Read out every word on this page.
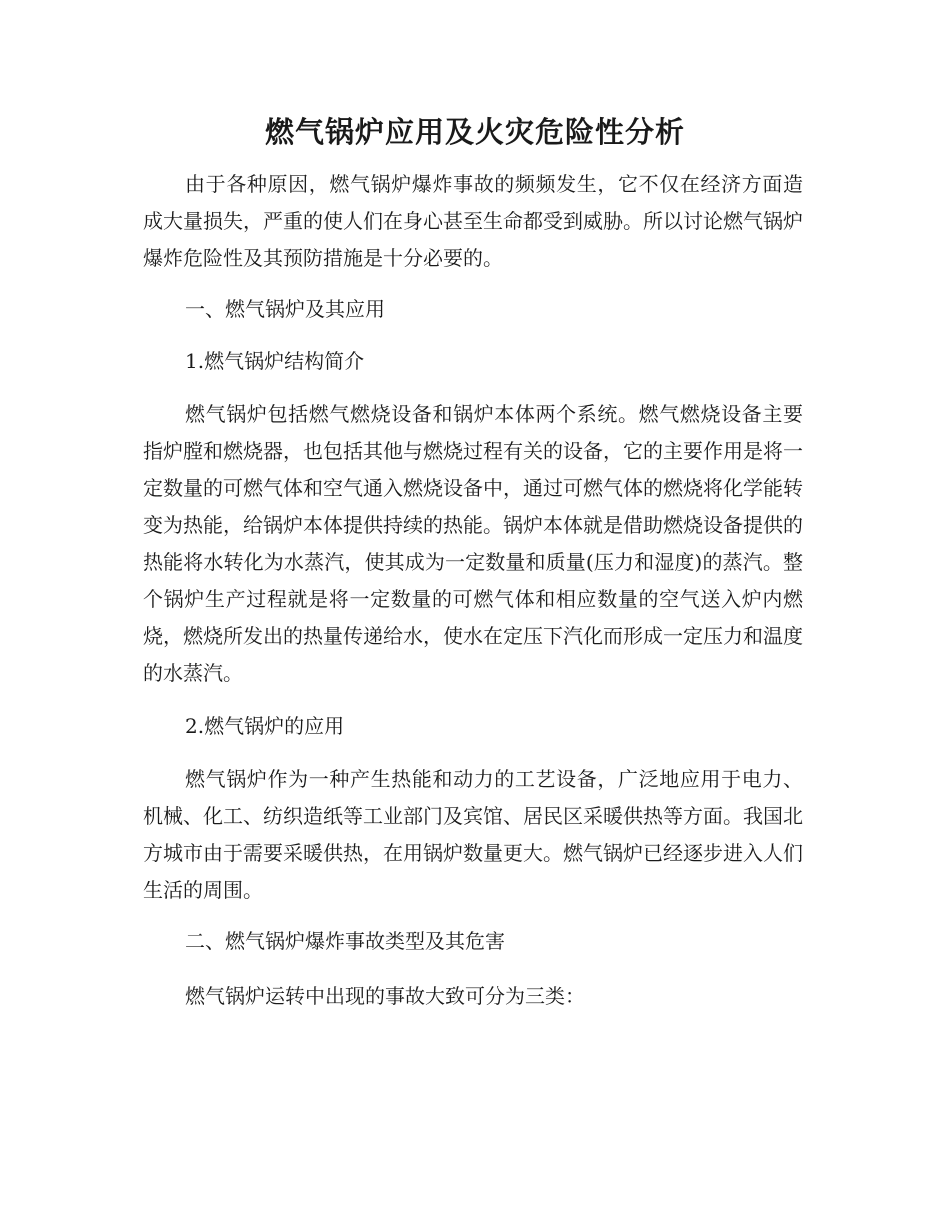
燃气锅炉应用及火灾危险性分析

由于各种原因，燃气锅炉爆炸事故的频频发生，它不仅在经济方面造成大量损失，严重的使人们在身心甚至生命都受到威胁。所以讨论燃气锅炉爆炸危险性及其预防措施是十分必要的。

一、燃气锅炉及其应用

1.燃气锅炉结构简介

燃气锅炉包括燃气燃烧设备和锅炉本体两个系统。燃气燃烧设备主要指炉膛和燃烧器，也包括其他与燃烧过程有关的设备，它的主要作用是将一定数量的可燃气体和空气通入燃烧设备中，通过可燃气体的燃烧将化学能转变为热能，给锅炉本体提供持续的热能。锅炉本体就是借助燃烧设备提供的热能将水转化为水蒸汽，使其成为一定数量和质量(压力和湿度)的蒸汽。整个锅炉生产过程就是将一定数量的可燃气体和相应数量的空气送入炉内燃烧，燃烧所发出的热量传递给水，使水在定压下汽化而形成一定压力和温度的水蒸汽。

2.燃气锅炉的应用

燃气锅炉作为一种产生热能和动力的工艺设备，广泛地应用于电力、机械、化工、纺织造纸等工业部门及宾馆、居民区采暖供热等方面。我国北方城市由于需要采暖供热，在用锅炉数量更大。燃气锅炉已经逐步进入人们生活的周围。

二、燃气锅炉爆炸事故类型及其危害

燃气锅炉运转中出现的事故大致可分为三类：
